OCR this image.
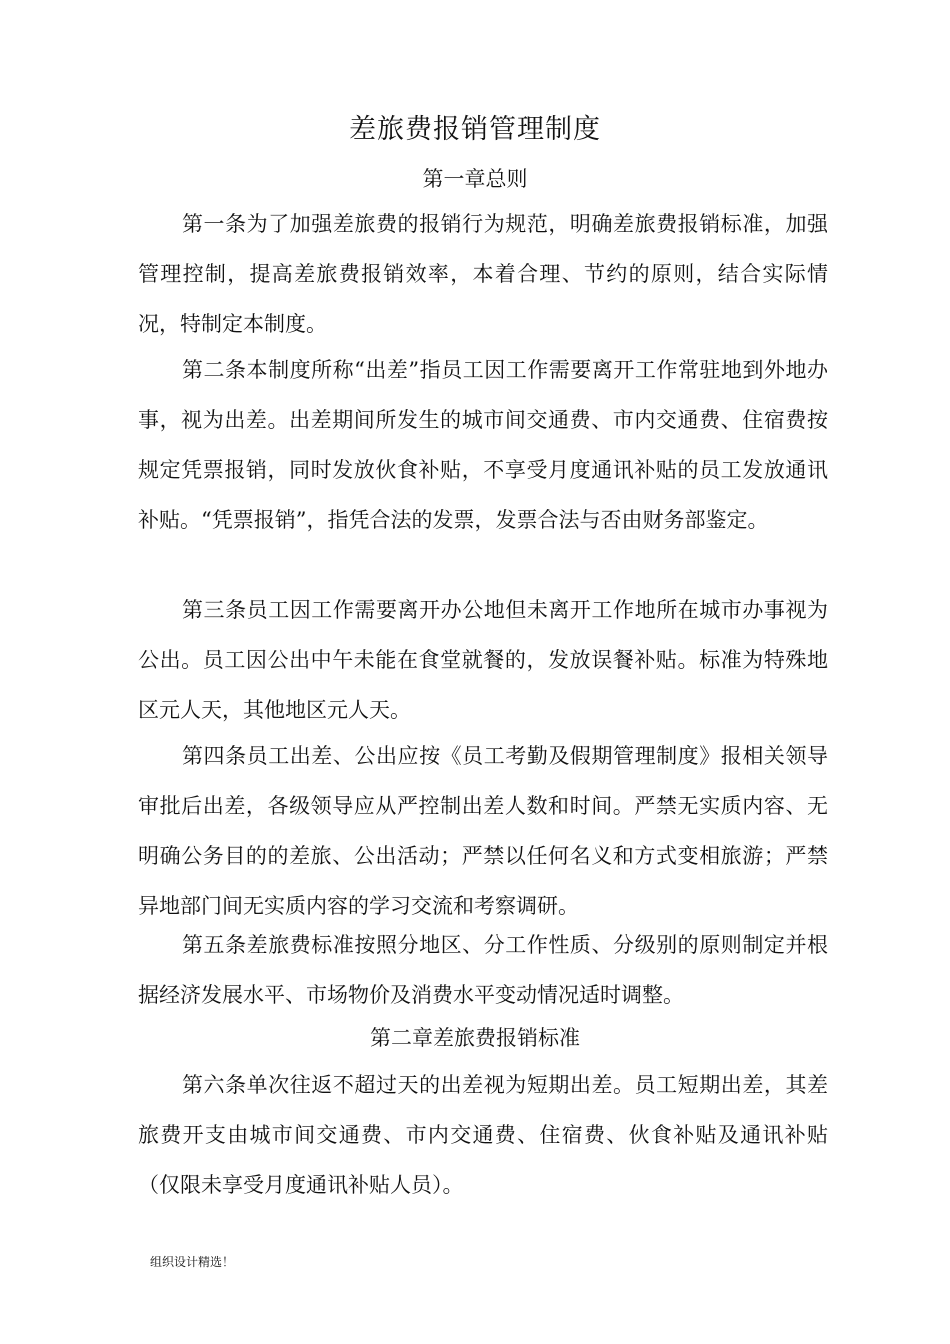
差旅费报销管理制度
第一章总则

第一条为了加强差旅费的报销行为规范，明确差旅费报销标准，加强管理控制，提高差旅费报销效率，本着合理、节约的原则，结合实际情况，特制定本制度。

第二条本制度所称“出差”指员工因工作需要离开工作常驻地到外地办事，视为出差。出差期间所发生的城市间交通费、市内交通费、住宿费按规定凭票报销，同时发放伙食补贴，不享受月度通讯补贴的员工发放通讯补贴。“凭票报销”，指凭合法的发票，发票合法与否由财务部鉴定。

第三条员工因工作需要离开办公地但未离开工作地所在城市办事视为公出。员工因公出中午未能在食堂就餐的，发放误餐补贴。标准为特殊地区元人天，其他地区元人天。

第四条员工出差、公出应按《员工考勤及假期管理制度》报相关领导审批后出差，各级领导应从严控制出差人数和时间。严禁无实质内容、无明确公务目的的差旅、公出活动；严禁以任何名义和方式变相旅游；严禁异地部门间无实质内容的学习交流和考察调研。

第五条差旅费标准按照分地区、分工作性质、分级别的原则制定并根据经济发展水平、市场物价及消费水平变动情况适时调整。

第二章差旅费报销标准

第六条单次往返不超过天的出差视为短期出差。员工短期出差，其差旅费开支由城市间交通费、市内交通费、住宿费、伙食补贴及通讯补贴（仅限未享受月度通讯补贴人员）。

组织设计精选！
